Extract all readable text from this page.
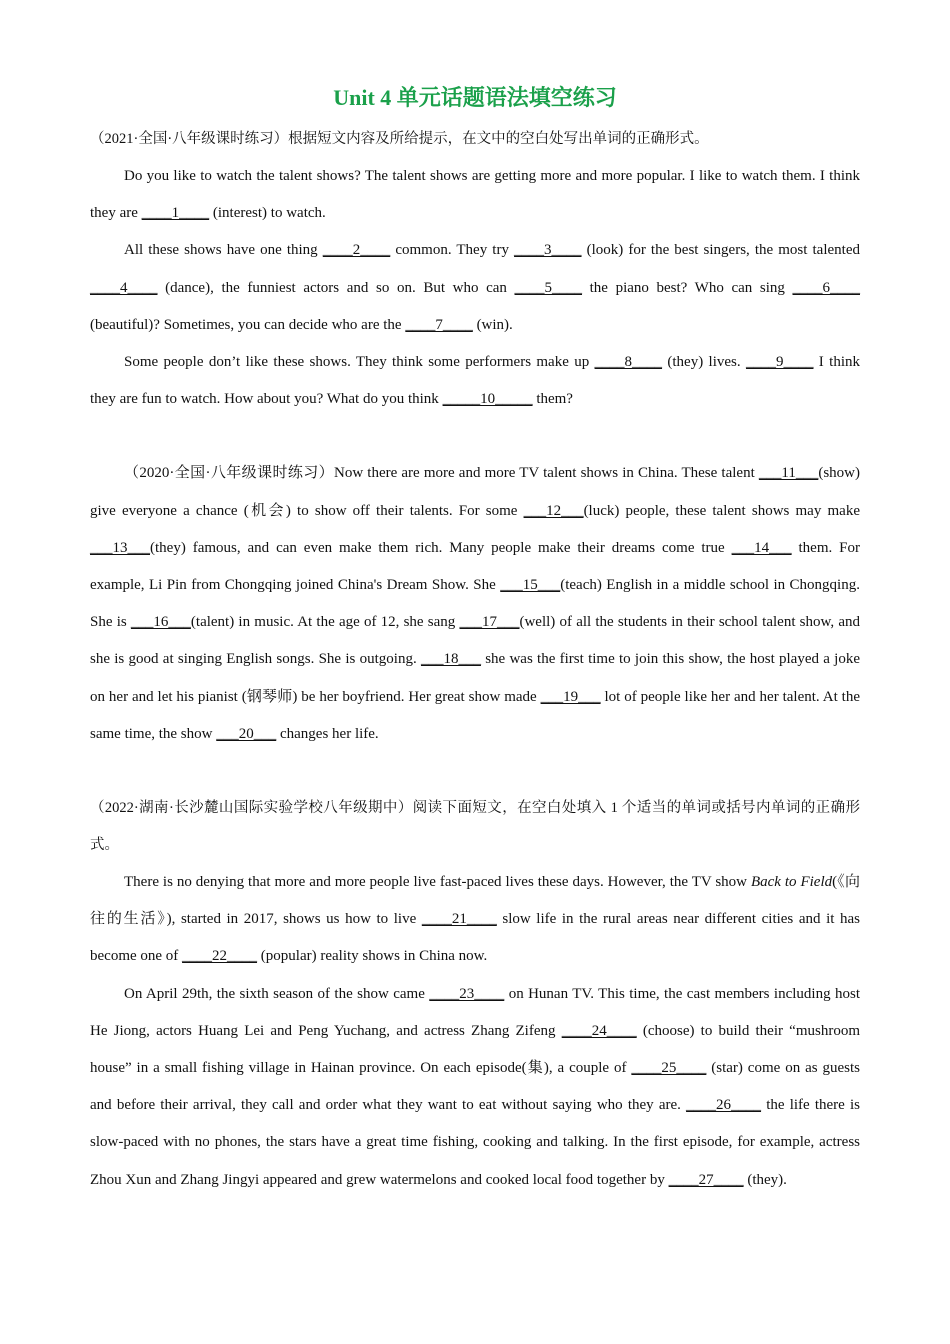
Unit 4 单元话题语法填空练习

（2021·全国·八年级课时练习）根据短文内容及所给提示，在文中的空白处写出单词的正确形式。

Do you like to watch the talent shows? The talent shows are getting more and more popular. I like to watch them. I think they are ____1____ (interest) to watch.

All these shows have one thing ____2____ common. They try ____3____ (look) for the best singers, the most talented ____4____ (dance), the funniest actors and so on. But who can ____5____ the piano best? Who can sing ____6____ (beautiful)? Sometimes, you can decide who are the ____7____ (win).

Some people don’t like these shows. They think some performers make up ____8____ (they) lives. ____9____ I think they are fun to watch. How about you? What do you think _____10_____ them?

（2020·全国·八年级课时练习）Now there are more and more TV talent shows in China. These talent ___11___(show) give everyone a chance (机会) to show off their talents. For some ___12___(luck) people, these talent shows may make ___13___(they) famous, and can even make them rich. Many people make their dreams come true ___14___ them. For example, Li Pin from Chongqing joined China's Dream Show. She ___15___(teach) English in a middle school in Chongqing. She is ___16___(talent) in music. At the age of 12, she sang ___17___(well) of all the students in their school talent show, and she is good at singing English songs. She is outgoing. ___18___ she was the first time to join this show, the host played a joke on her and let his pianist (钢琴师) be her boyfriend. Her great show made ___19___ lot of people like her and her talent. At the same time, the show ___20___ changes her life.

（2022·湖南·长沙麓山国际实验学校八年级期中）阅读下面短文，在空白处填入 1 个适当的单词或括号内单词的正确形式。

There is no denying that more and more people live fast-paced lives these days. However, the TV show Back to Field(《向往的生活》), started in 2017, shows us how to live ____21____ slow life in the rural areas near different cities and it has become one of ____22____ (popular) reality shows in China now.

On April 29th, the sixth season of the show came ____23____ on Hunan TV. This time, the cast members including host He Jiong, actors Huang Lei and Peng Yuchang, and actress Zhang Zifeng ____24____ (choose) to build their “mushroom house” in a small fishing village in Hainan province. On each episode(集), a couple of ____25____ (star) come on as guests and before their arrival, they call and order what they want to eat without saying who they are. ____26____ the life there is slow-paced with no phones, the stars have a great time fishing, cooking and talking. In the first episode, for example, actress Zhou Xun and Zhang Jingyi appeared and grew watermelons and cooked local food together by ____27____ (they).
